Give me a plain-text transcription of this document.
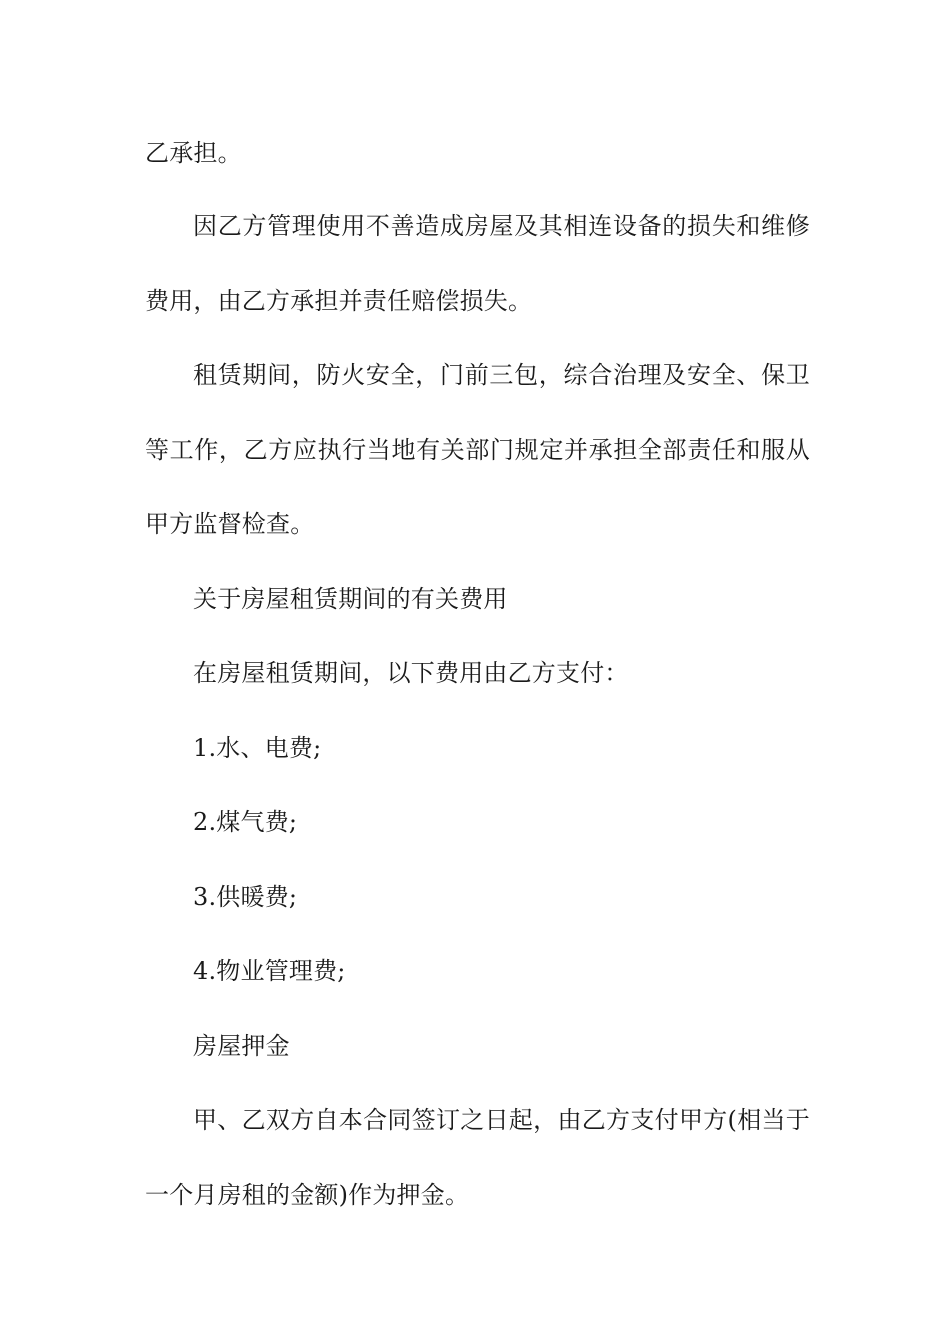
乙承担。
因乙方管理使用不善造成房屋及其相连设备的损失和维修
费用，由乙方承担并责任赔偿损失。
租赁期间，防火安全，门前三包，综合治理及安全、保卫
等工作，乙方应执行当地有关部门规定并承担全部责任和服从
甲方监督检查。
关于房屋租赁期间的有关费用
在房屋租赁期间，以下费用由乙方支付：
1.水、电费;
2.煤气费;
3.供暖费;
4.物业管理费;
房屋押金
甲、乙双方自本合同签订之日起，由乙方支付甲方(相当于
一个月房租的金额)作为押金。
